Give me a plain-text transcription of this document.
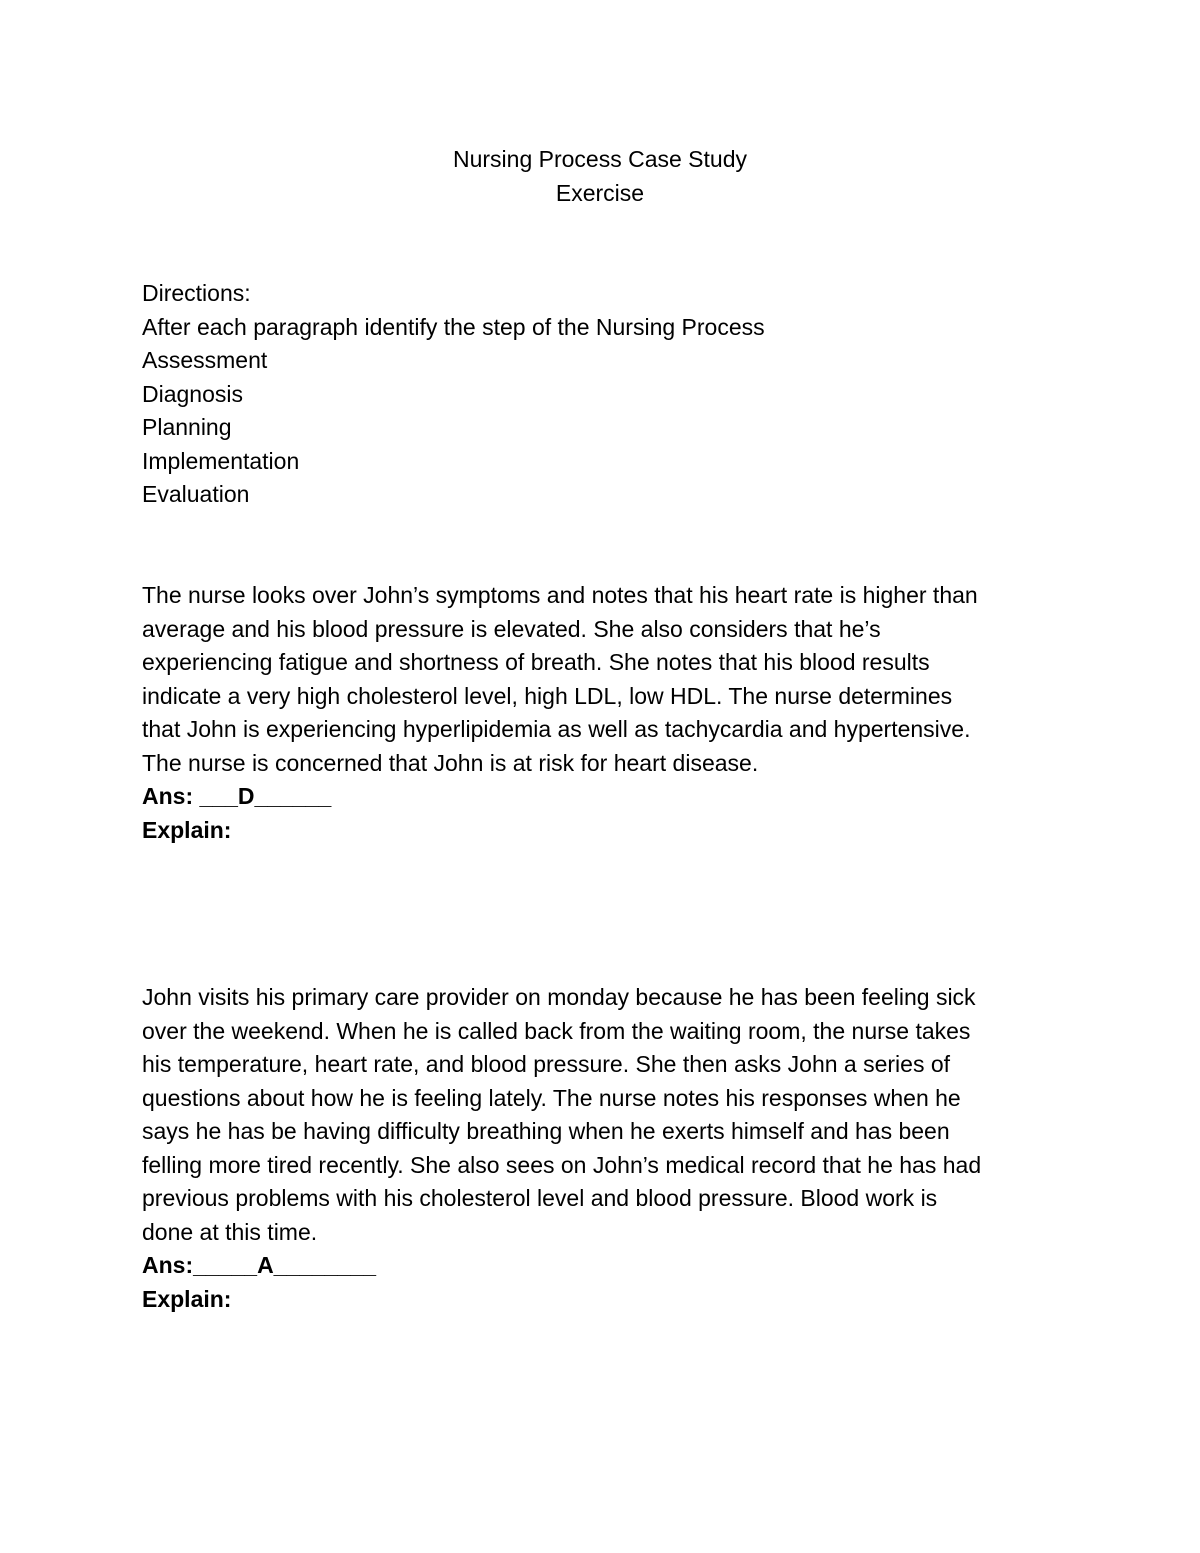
Nursing Process Case Study
Exercise
Directions:
After each paragraph identify the step of the Nursing Process
Assessment
Diagnosis
Planning
Implementation
Evaluation
The nurse looks over John’s symptoms and notes that his heart rate is higher than
average and his blood pressure is elevated. She also considers that he’s
experiencing fatigue and shortness of breath. She notes that his blood results
indicate a very high cholesterol level, high LDL, low HDL. The nurse determines
that John is experiencing hyperlipidemia as well as tachycardia and hypertensive.
The nurse is concerned that John is at risk for heart disease.
Ans: ___D______
Explain:
John visits his primary care provider on monday because he has been feeling sick
over the weekend. When he is called back from the waiting room, the nurse takes
his temperature, heart rate, and blood pressure. She then asks John a series of
questions about how he is feeling lately. The nurse notes his responses when he
says he has be having difficulty breathing when he exerts himself and has been
felling more tired recently. She also sees on John’s medical record that he has had
previous problems with his cholesterol level and blood pressure. Blood work is
done at this time.
Ans:_____A________
Explain:
